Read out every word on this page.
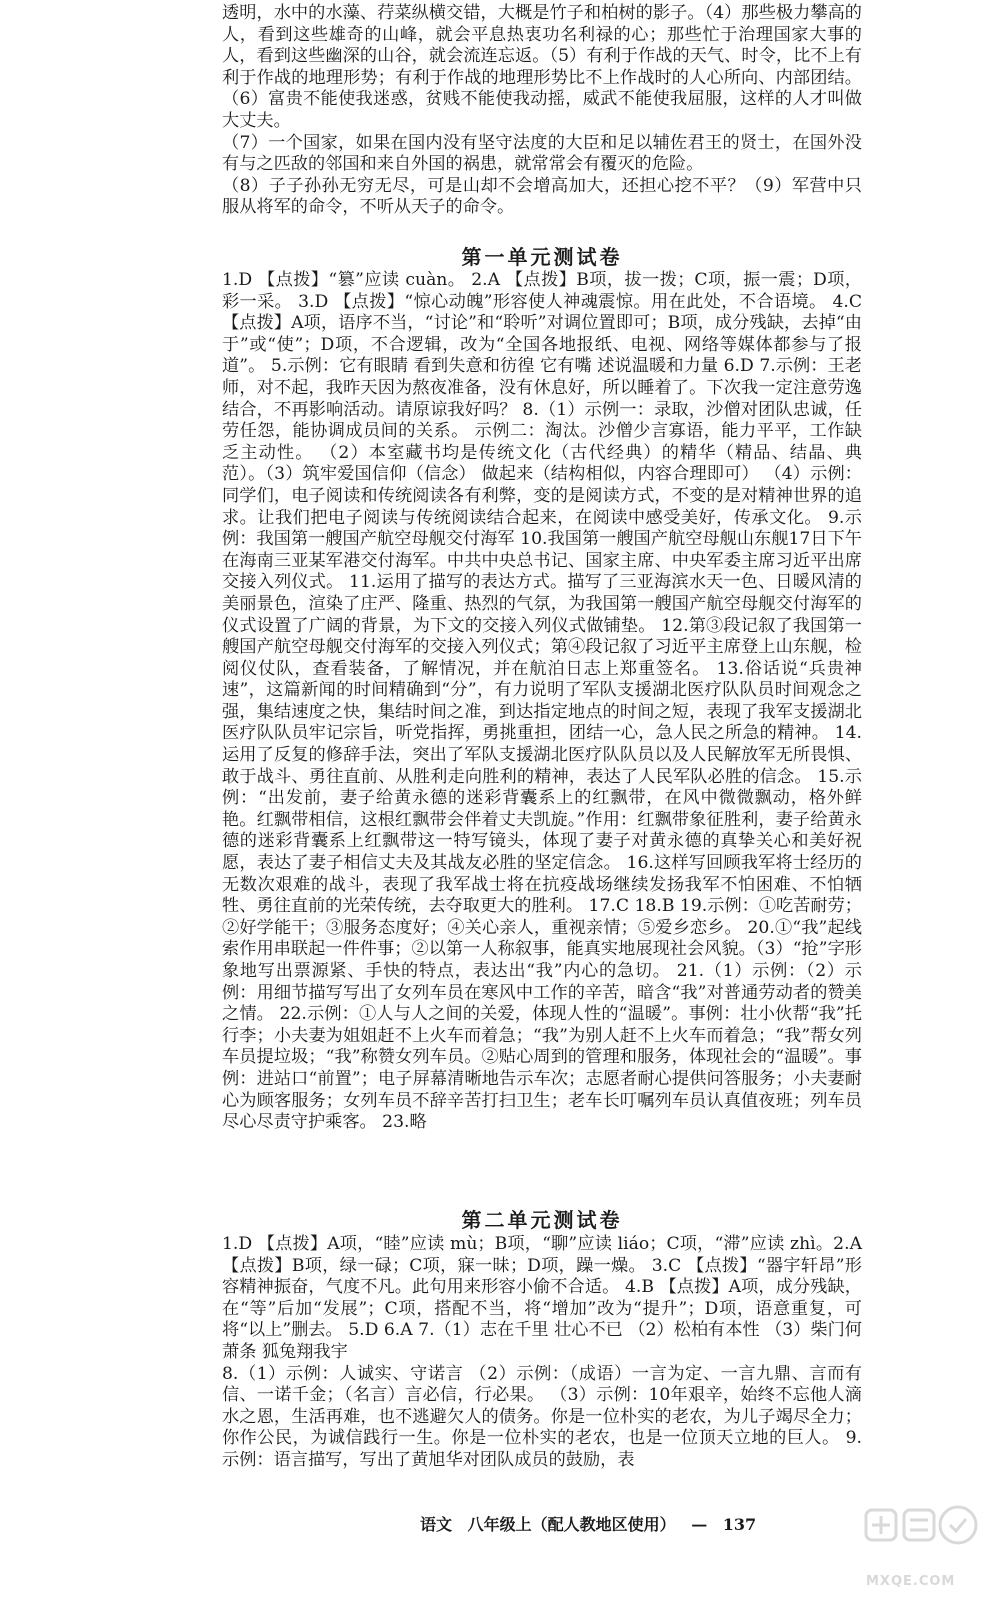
透明，水中的水藻、荇菜纵横交错，大概是竹子和柏树的影子。（4）那些极力攀高的人，看到这些雄奇的山峰，就会平息热衷功名利禄的心；那些忙于治理国家大事的人，看到这些幽深的山谷，就会流连忘返。（5）有利于作战的天气、时令，比不上有利于作战的地理形势；有利于作战的地理形势比不上作战时的人心所向、内部团结。（6）富贵不能使我迷惑，贫贱不能使我动摇，威武不能使我屈服，这样的人才叫做大丈夫。
（7）一个国家，如果在国内没有坚守法度的大臣和足以辅佐君王的贤士，在国外没有与之匹敌的邻国和来自外国的祸患，就常常会有覆灭的危险。
（8）子子孙孙无穷无尽，可是山却不会增高加大，还担心挖不平？（9）军营中只服从将军的命令，不听从天子的命令。

第一单元测试卷

1.D 【点拨】“篡”应读 cuàn。 2.A 【点拨】B项，拔一拨；C项，振一震；D项，彩一采。 3.D 【点拨】“惊心动魄”形容使人神魂震惊。用在此处，不合语境。 4.C 【点拨】A项，语序不当，“讨论”和“聆听”对调位置即可；B项，成分残缺，去掉“由于”或“使”；D项，不合逻辑，改为“全国各地报纸、电视、网络等媒体都参与了报道”。 5.示例：它有眼睛 看到失意和彷徨 它有嘴 述说温暖和力量 6.D 7.示例：王老师，对不起，我昨天因为熬夜准备，没有休息好，所以睡着了。下次我一定注意劳逸结合，不再影响活动。请原谅我好吗？ 8.（1）示例一：录取，沙僧对团队忠诚，任劳任怨，能协调成员间的关系。 示例二：淘汰。沙僧少言寡语，能力平平，工作缺乏主动性。 （2）本室藏书均是传统文化（古代经典）的精华（精品、结晶、典范）。（3）筑牢爱国信仰（信念） 做起来（结构相似，内容合理即可） （4）示例：同学们，电子阅读和传统阅读各有利弊，变的是阅读方式，不变的是对精神世界的追求。让我们把电子阅读与传统阅读结合起来，在阅读中感受美好，传承文化。 9.示例：我国第一艘国产航空母舰交付海军 10.我国第一艘国产航空母舰山东舰17日下午在海南三亚某军港交付海军。中共中央总书记、国家主席、中央军委主席习近平出席交接入列仪式。 11.运用了描写的表达方式。描写了三亚海滨水天一色、日暖风清的美丽景色，渲染了庄严、隆重、热烈的气氛，为我国第一艘国产航空母舰交付海军的仪式设置了广阔的背景，为下文的交接入列仪式做铺垫。 12.第③段记叙了我国第一艘国产航空母舰交付海军的交接入列仪式；第④段记叙了习近平主席登上山东舰，检阅仪仗队，查看装备，了解情况，并在航泊日志上郑重签名。 13.俗话说“兵贵神速”，这篇新闻的时间精确到“分”，有力说明了军队支援湖北医疗队队员时间观念之强，集结速度之快，集结时间之准，到达指定地点的时间之短，表现了我军支援湖北医疗队队员牢记宗旨，听党指挥，勇挑重担，团结一心，急人民之所急的精神。 14.运用了反复的修辞手法，突出了军队支援湖北医疗队队员以及人民解放军无所畏惧、敢于战斗、勇往直前、从胜利走向胜利的精神，表达了人民军队必胜的信念。 15.示例：“出发前，妻子给黄永德的迷彩背囊系上的红飘带，在风中微微飘动，格外鲜艳。红飘带相信，这根红飘带会伴着丈夫凯旋。”作用：红飘带象征胜利，妻子给黄永德的迷彩背囊系上红飘带这一特写镜头，体现了妻子对黄永德的真挚关心和美好祝愿，表达了妻子相信丈夫及其战友必胜的坚定信念。 16.这样写回顾我军将士经历的无数次艰难的战斗，表现了我军战士将在抗疫战场继续发扬我军不怕困难、不怕牺牲、勇往直前的光荣传统，去夺取更大的胜利。 17.C 18.B 19.示例：①吃苦耐劳；②好学能干；③服务态度好；④关心亲人，重视亲情；⑤爱乡恋乡。 20.①“我”起线索作用串联起一件件事；②以第一人称叙事，能真实地展现社会风貌。（3）“抢”字形象地写出票源紧、手快的特点，表达出“我”内心的急切。 21.（1）示例：（2）示例：用细节描写写出了女列车员在寒风中工作的辛苦，暗含“我”对普通劳动者的赞美之情。 22.示例：①人与人之间的关爱，体现人性的“温暖”。事例：壮小伙帮“我”托行李；小夫妻为姐姐赶不上火车而着急；“我”为别人赶不上火车而着急；“我”帮女列车员提垃圾；“我”称赞女列车员。②贴心周到的管理和服务，体现社会的“温暖”。事例：进站口“前置”；电子屏幕清晰地告示车次；志愿者耐心提供问答服务；小夫妻耐心为顾客服务；女列车员不辞辛苦打扫卫生；老车长叮嘱列车员认真值夜班；列车员尽心尽责守护乘客。 23.略

第二单元测试卷

1.D 【点拨】A项，“睦”应读 mù；B项，“聊”应读 liáo；C项，“滞”应读 zhì。2.A 【点拨】B项，绿一碌；C项，寐一昧；D项，躁一燥。 3.C 【点拨】“器宇轩昂”形容精神振奋，气度不凡。此句用来形容小偷不合适。 4.B 【点拨】A项，成分残缺，在“等”后加“发展”；C项，搭配不当，将“增加”改为“提升”；D项，语意重复，可将“以上”删去。 5.D 6.A 7.（1）志在千里 壮心不已 （2）松柏有本性 （3）柴门何萧条 狐兔翔我宇
8.（1）示例：人诚实、守诺言 （2）示例：（成语）一言为定、一言九鼎、言而有信、一诺千金；（名言）言必信，行必果。 （3）示例：10年艰辛，始终不忘他人滴水之恩，生活再难，也不逃避欠人的债务。你是一位朴实的老农，为儿子竭尽全力；你作公民，为诚信践行一生。你是一位朴实的老农，也是一位顶天立地的巨人。 9.示例：语言描写，写出了黄旭华对团队成员的鼓励，表

语文 八年级上（配人教地区使用） — 137
MXQE.COM
